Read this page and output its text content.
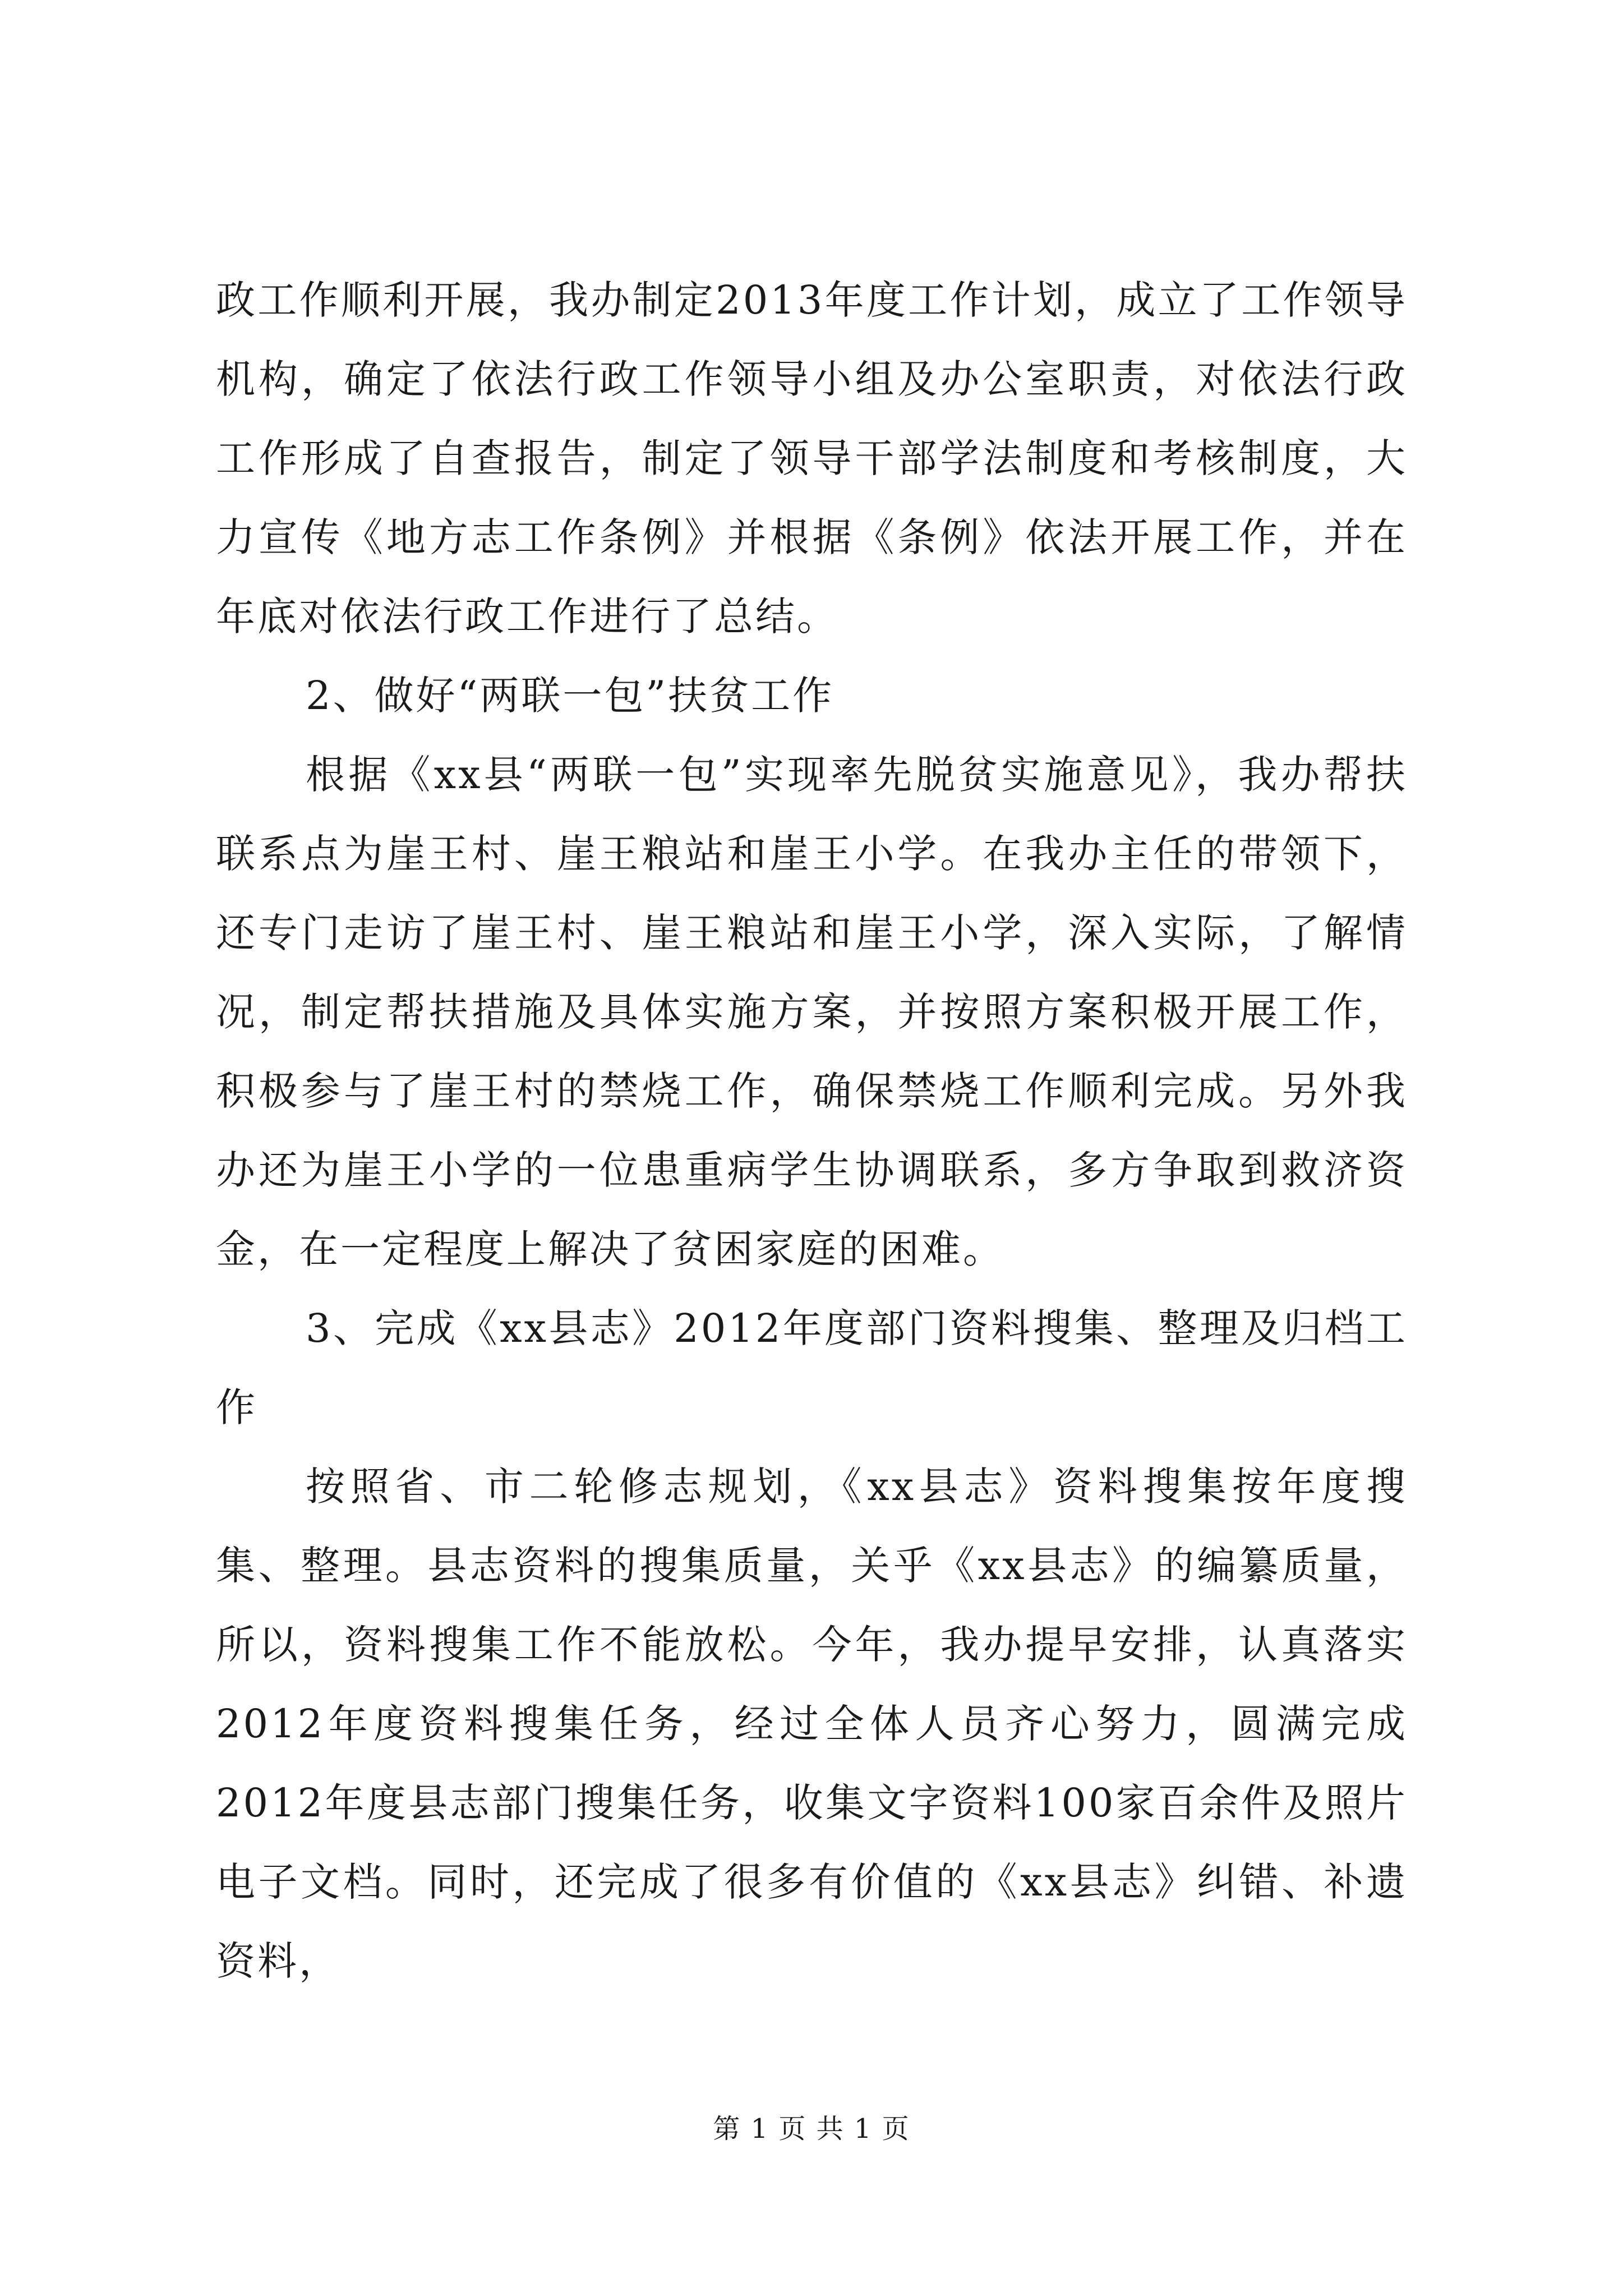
政工作顺利开展，我办制定2013年度工作计划，成立了工作领导机构，确定了依法行政工作领导小组及办公室职责，对依法行政工作形成了自查报告，制定了领导干部学法制度和考核制度，大力宣传《地方志工作条例》并根据《条例》依法开展工作，并在年底对依法行政工作进行了总结。

2、做好“两联一包”扶贫工作

根据《xx县“两联一包”实现率先脱贫实施意见》，我办帮扶联系点为崖王村、崖王粮站和崖王小学。在我办主任的带领下，还专门走访了崖王村、崖王粮站和崖王小学，深入实际，了解情况，制定帮扶措施及具体实施方案，并按照方案积极开展工作，积极参与了崖王村的禁烧工作，确保禁烧工作顺利完成。另外我办还为崖王小学的一位患重病学生协调联系，多方争取到救济资金，在一定程度上解决了贫困家庭的困难。

3、完成《xx县志》2012年度部门资料搜集、整理及归档工作

按照省、市二轮修志规划，《xx县志》资料搜集按年度搜集、整理。县志资料的搜集质量，关乎《xx县志》的编纂质量，所以，资料搜集工作不能放松。今年，我办提早安排，认真落实2012年度资料搜集任务，经过全体人员齐心努力，圆满完成2012年度县志部门搜集任务，收集文字资料100家百余件及照片电子文档。同时，还完成了很多有价值的《xx县志》纠错、补遗资料，

第 1 页 共 1 页
